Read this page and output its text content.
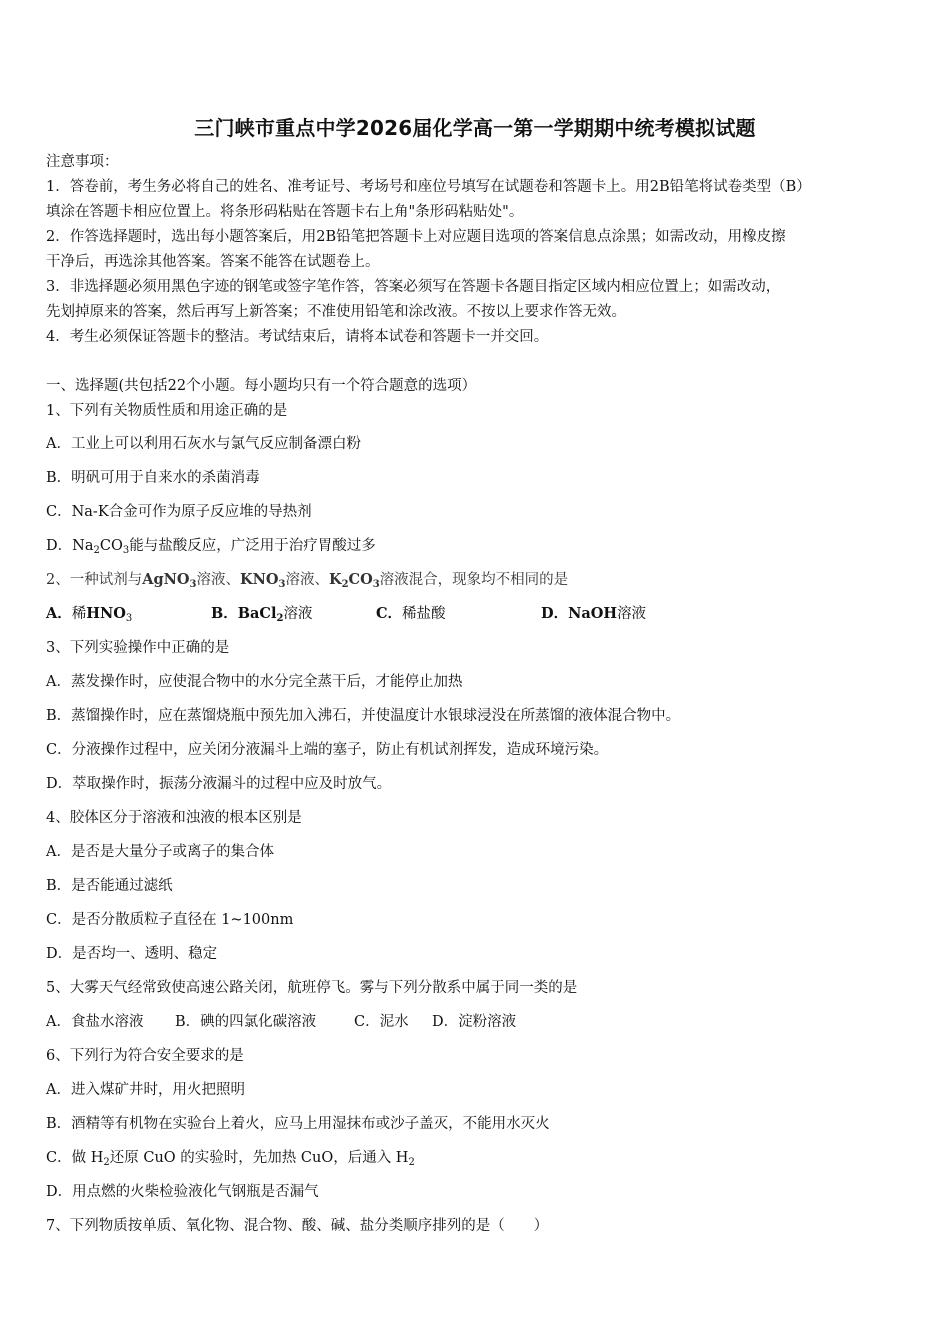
三门峡市重点中学2026届化学高一第一学期期中统考模拟试题
注意事项：
1．答卷前，考生务必将自己的姓名、准考证号、考场号和座位号填写在试题卷和答题卡上。用2B铅笔将试卷类型（B）
填涂在答题卡相应位置上。将条形码粘贴在答题卡右上角"条形码粘贴处"。
2．作答选择题时，选出每小题答案后，用2B铅笔把答题卡上对应题目选项的答案信息点涂黑；如需改动，用橡皮擦
干净后，再选涂其他答案。答案不能答在试题卷上。
3．非选择题必须用黑色字迹的钢笔或签字笔作答，答案必须写在答题卡各题目指定区域内相应位置上；如需改动，
先划掉原来的答案，然后再写上新答案；不准使用铅笔和涂改液。不按以上要求作答无效。
4．考生必须保证答题卡的整洁。考试结束后，请将本试卷和答题卡一并交回。
一、选择题(共包括22个小题。每小题均只有一个符合题意的选项）
1、下列有关物质性质和用途正确的是
A．工业上可以利用石灰水与氯气反应制备漂白粉
B．明矾可用于自来水的杀菌消毒
C．Na-K合金可作为原子反应堆的导热剂
D．$Na_2CO_3$能与盐酸反应，广泛用于治疗胃酸过多
2、一种试剂与AgNO$_3$溶液、$KNO_3$溶液、$K_2CO_3$溶液混合，现象均不相同的是
A．稀$HNO_3$	B．BaCl$_2$溶液	C．稀盐酸	D．NaOH溶液
3、下列实验操作中正确的是
A．蒸发操作时，应使混合物中的水分完全蒸干后，才能停止加热
B．蒸馏操作时，应在蒸馏烧瓶中预先加入沸石，并使温度计水银球浸没在所蒸馏的液体混合物中。
C．分液操作过程中，应关闭分液漏斗上端的塞子，防止有机试剂挥发，造成环境污染。
D．萃取操作时，振荡分液漏斗的过程中应及时放气。
4、胶体区分于溶液和浊液的根本区别是
A．是否是大量分子或离子的集合体
B．是否能通过滤纸
C．是否分散质粒子直径在 1~100nm
D．是否均一、透明、稳定
5、大雾天气经常致使高速公路关闭，航班停飞。雾与下列分散系中属于同一类的是
A．食盐水溶液 B．碘的四氯化碳溶液	C．泥水 D．淀粉溶液
6、下列行为符合安全要求的是
A．进入煤矿井时，用火把照明
B．酒精等有机物在实验台上着火，应马上用湿抹布或沙子盖灭，不能用水灭火
C．做 $H_2$还原 CuO 的实验时，先加热 CuO，后通入 $H_2$
D．用点燃的火柴检验液化气钢瓶是否漏气
7、下列物质按单质、氧化物、混合物、酸、碱、盐分类顺序排列的是（　　）
